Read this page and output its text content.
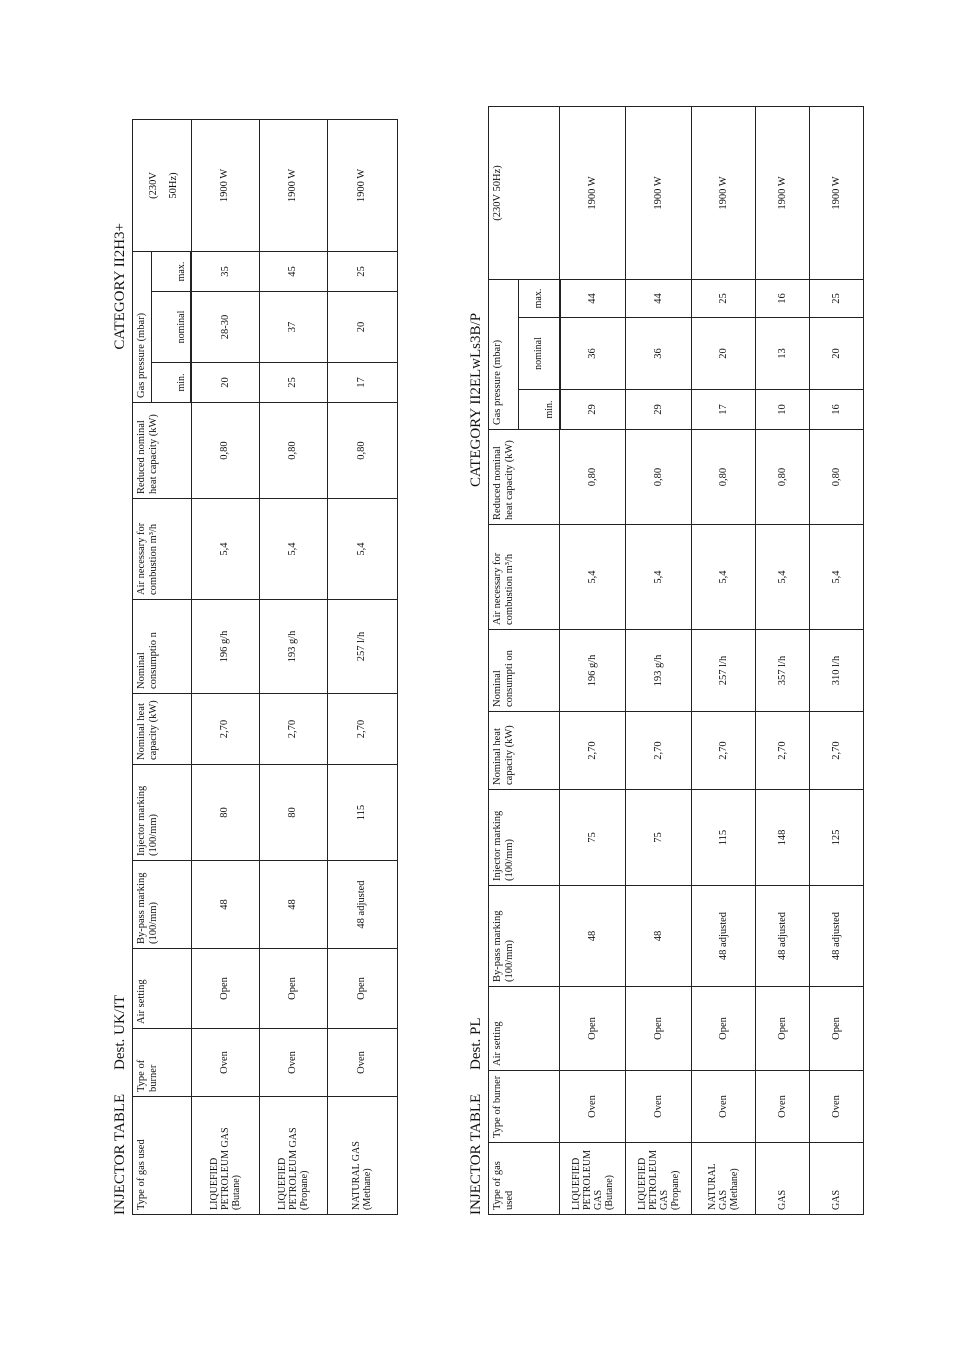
INJECTOR TABLE
Dest. UK/IT
CATEGORY II2H3+
Type of gas used	Type of burner	Air setting	By-pass marking (100/mm)	Injector marking (100/mm)	Nominal heat capacity (kW)	Nominal consumptio n	Air necessary for combustion m³/h	Reduced nominal heat capacity (kW)	Gas pressure (mbar)			(230V 50Hz)

									min.	nominal	max.	

LIQUEFIED PETROLEUM GAS (Butane)	Oven	Open	48	80	2,70	196 g/h	5,4	0,80	20	28-30	35	1900 W

LIQUEFIED PETROLEUM GAS (Propane)	Oven	Open	48	80	2,70	193 g/h	5,4	0,80	25	37	45	1900 W

NATURAL GAS (Methane)	Oven	Open	48 adjusted	115	2,70	257 l/h	5,4	0,80	17	20	25	1900 W
INJECTOR TABLE
Dest. PL
CATEGORY II2ELwLs3B/P
Type of gas used	Type of burner	Air setting	By-pass marking (100/mm)	Injector marking (100/mm)	Nominal heat capacity (kW)	Nominal consumpti on	Air necessary for combustion m³/h	Reduced nominal heat capacity (kW)	Gas pressure (mbar)			(230V 50Hz)
									min.	nominal	max.	

LIQUEFIED PETROLEUM GAS (Butane)	Oven	Open	48	75	2,70	196 g/h	5,4	0,80	29	36	44	1900 W

LIQUEFIED PETROLEUM GAS (Propane)	Oven	Open	48	75	2,70	193 g/h	5,4	0,80	29	36	44	1900 W

NATURAL GAS (Methane)	Oven	Open	48 adjusted	115	2,70	257 l/h	5,4	0,80	17	20	25	1900 W

GAS	Oven	Open	48 adjusted	148	2,70	357 l/h	5,4	0,80	10	13	16	1900 W

GAS	Oven	Open	48 adjusted	125	2,70	310 l/h	5,4	0,80	16	20	25	1900 W
